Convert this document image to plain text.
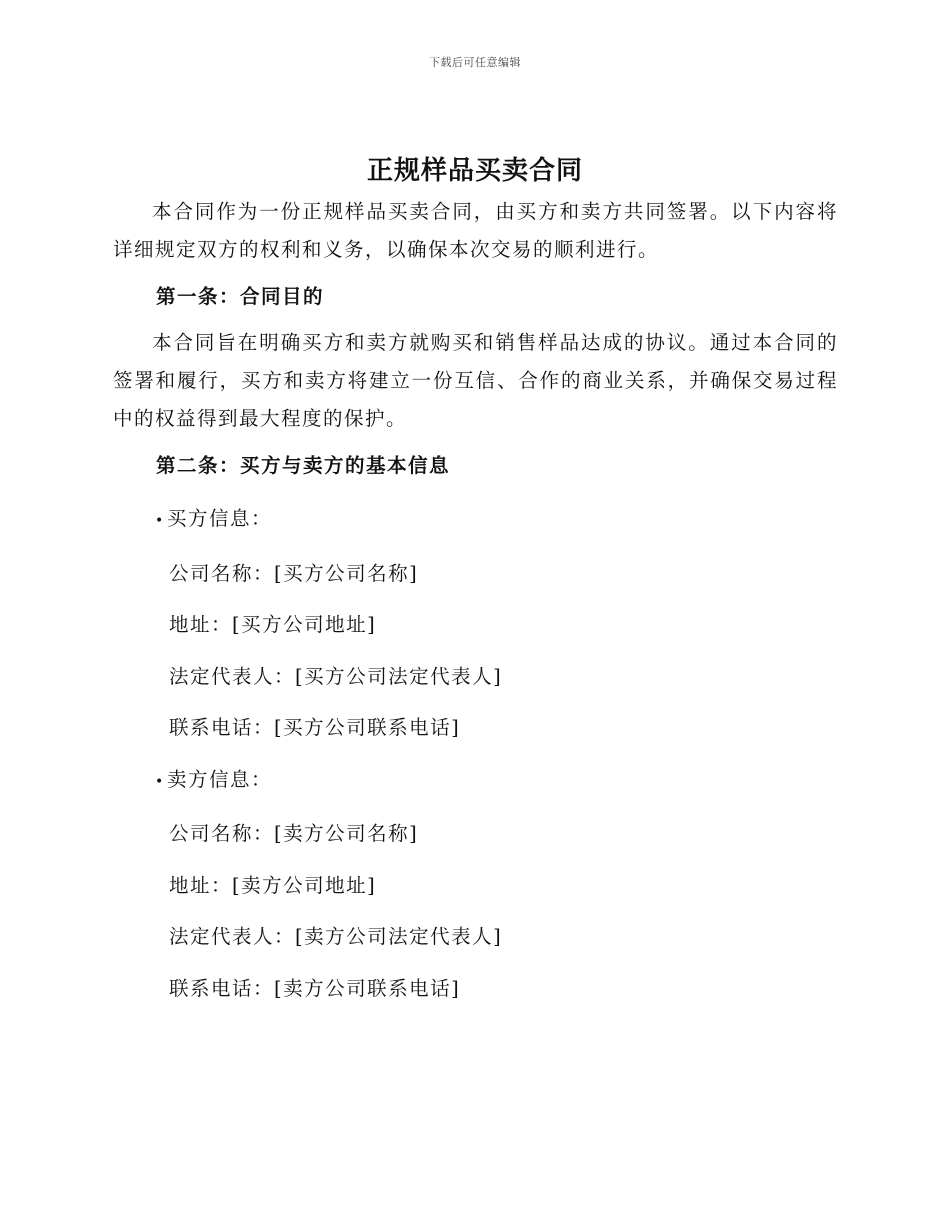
下载后可任意编辑
正规样品买卖合同

本合同作为一份正规样品买卖合同，由买方和卖方共同签署。以下内容将详细规定双方的权利和义务，以确保本次交易的顺利进行。

第一条：合同目的

本合同旨在明确买方和卖方就购买和销售样品达成的协议。通过本合同的签署和履行，买方和卖方将建立一份互信、合作的商业关系，并确保交易过程中的权益得到最大程度的保护。

第二条：买方与卖方的基本信息
• 买方信息：
公司名称：[买方公司名称]
地址：[买方公司地址]
法定代表人：[买方公司法定代表人]
联系电话：[买方公司联系电话]
• 卖方信息：
公司名称：[卖方公司名称]
地址：[卖方公司地址]
法定代表人：[卖方公司法定代表人]
联系电话：[卖方公司联系电话]
